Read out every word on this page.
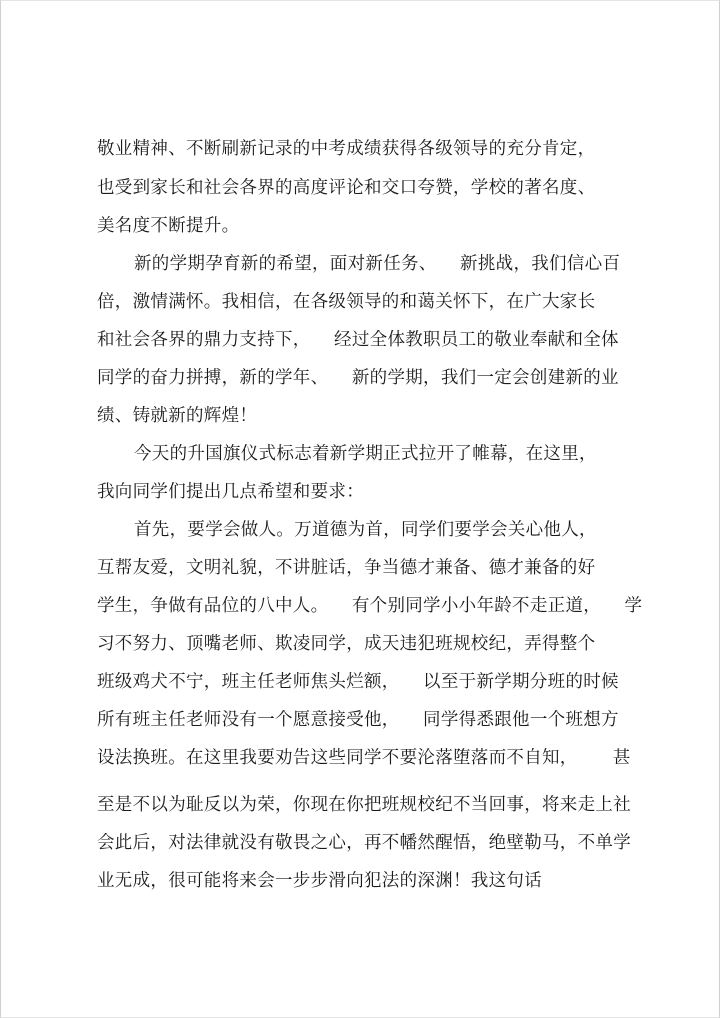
敬业精神、不断刷新记录的中考成绩获得各级领导的充分肯定，

也受到家长和社会各界的高度评论和交口夸赞，学校的著名度、

美名度不断提升。

新的学期孕育新的希望，面对新任务、    新挑战，我们信心百

倍，激情满怀。我相信，在各级领导的和蔼关怀下，在广大家长

和社会各界的鼎力支持下，    经过全体教职员工的敬业奉献和全体

同学的奋力拼搏，新的学年、    新的学期，我们一定会创建新的业

绩、铸就新的辉煌！

今天的升国旗仪式标志着新学期正式拉开了帷幕，在这里，

我向同学们提出几点希望和要求：

首先，要学会做人。万道德为首，同学们要学会关心他人，

互帮友爱，文明礼貌，不讲脏话，争当德才兼备、德才兼备的好

学生，争做有品位的八中人。    有个别同学小小年龄不走正道，    学

习不努力、顶嘴老师、欺凌同学，成天违犯班规校纪，弄得整个

班级鸡犬不宁，班主任老师焦头烂额，    以至于新学期分班的时候

所有班主任老师没有一个愿意接受他，    同学得悉跟他一个班想方

设法换班。在这里我要劝告这些同学不要沦落堕落而不自知，      甚

至是不以为耻反以为荣，你现在你把班规校纪不当回事，将来走上社

会此后，对法律就没有敬畏之心，再不幡然醒悟，绝壁勒马，不单学

业无成，很可能将来会一步步滑向犯法的深渊！我这句话
